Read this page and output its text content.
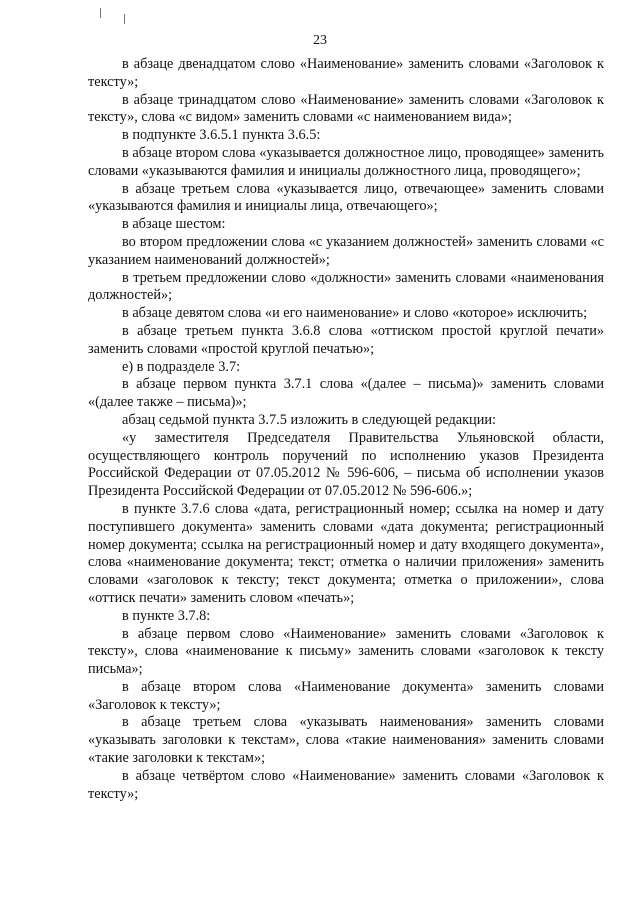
23

в абзаце двенадцатом слово «Наименование» заменить словами «Заголовок к тексту»;

в абзаце тринадцатом слово «Наименование» заменить словами «Заголовок к тексту», слова «с видом» заменить словами «с наименованием вида»;

в подпункте 3.6.5.1 пункта 3.6.5:

в абзаце втором слова «указывается должностное лицо, проводящее» заменить словами «указываются фамилия и инициалы должностного лица, проводящего»;

в абзаце третьем слова «указывается лицо, отвечающее» заменить словами «указываются фамилия и инициалы лица, отвечающего»;

в абзаце шестом:

во втором предложении слова «с указанием должностей» заменить словами «с указанием наименований должностей»;

в третьем предложении слово «должности» заменить словами «наименования должностей»;

в абзаце девятом слова «и его наименование» и слово «которое» исключить;

в абзаце третьем пункта 3.6.8 слова «оттиском простой круглой печати» заменить словами «простой круглой печатью»;

е) в подразделе 3.7:

в абзаце первом пункта 3.7.1 слова «(далее – письма)» заменить словами «(далее также – письма)»;

абзац седьмой пункта 3.7.5 изложить в следующей редакции:

«у заместителя Председателя Правительства Ульяновской области, осуществляющего контроль поручений по исполнению указов Президента Российской Федерации от 07.05.2012 № 596-606, – письма об исполнении указов Президента Российской Федерации от 07.05.2012 № 596-606.»;

в пункте 3.7.6 слова «дата, регистрационный номер; ссылка на номер и дату поступившего документа» заменить словами «дата документа; регистрационный номер документа; ссылка на регистрационный номер и дату входящего документа», слова «наименование документа; текст; отметка о наличии приложения» заменить словами «заголовок к тексту; текст документа; отметка о приложении», слова «оттиск печати» заменить словом «печать»;

в пункте 3.7.8:

в абзаце первом слово «Наименование» заменить словами «Заголовок к тексту», слова «наименование к письму» заменить словами «заголовок к тексту письма»;

в абзаце втором слова «Наименование документа» заменить словами «Заголовок к тексту»;

в абзаце третьем слова «указывать наименования» заменить словами «указывать заголовки к текстам», слова «такие наименования» заменить словами «такие заголовки к текстам»;

в абзаце четвёртом слово «Наименование» заменить словами «Заголовок к тексту»;
